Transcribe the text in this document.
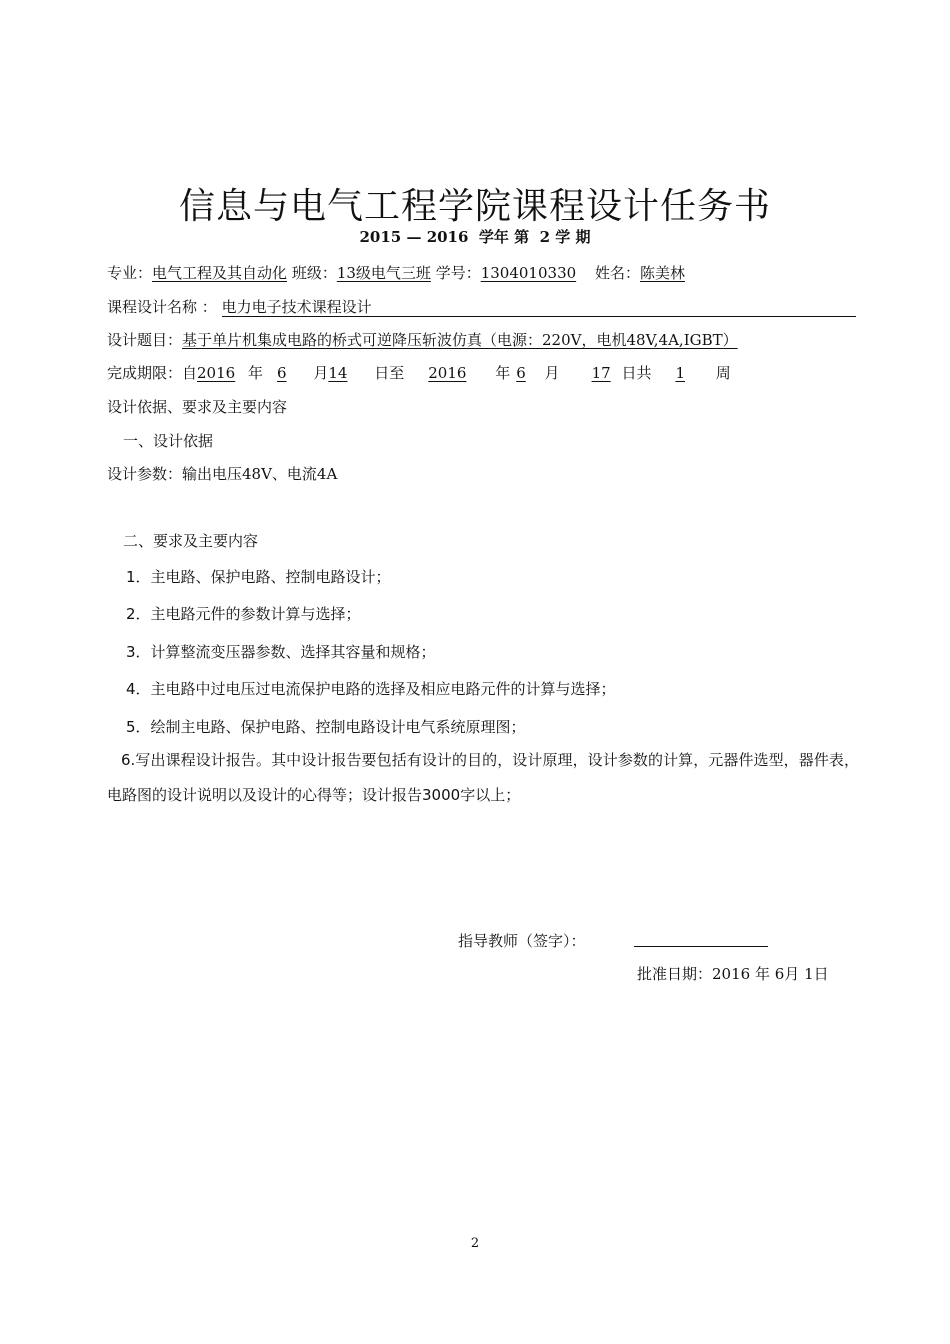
信息与电气工程学院课程设计任务书
2015 — 2016 学年 第 2 学 期
专业：电气工程及其自动化 班级：13级电气三班 学号：1304010330 姓名：陈美林
课程设计名称 ： 电力电子技术课程设计
设计题目：基于单片机集成电路的桥式可逆降压斩波仿真（电源：220V，电机48V,4A,IGBT）
完成期限：自2016 年 6 月14 日至 2016 年 6 月 17 日共 1 周
设计依据、要求及主要内容
一、设计依据
设计参数：输出电压48V、电流4A
二、要求及主要内容
1．主电路、保护电路、控制电路设计；
2．主电路元件的参数计算与选择；
3．计算整流变压器参数、选择其容量和规格；
4．主电路中过电压过电流保护电路的选择及相应电路元件的计算与选择；
5．绘制主电路、保护电路、控制电路设计电气系统原理图；
6.写出课程设计报告。其中设计报告要包括有设计的目的，设计原理，设计参数的计算，元器件选型，器件表，电路图的设计说明以及设计的心得等；设计报告3000字以上；
指导教师（签字）：
批准日期：2016 年 6月 1日
2
